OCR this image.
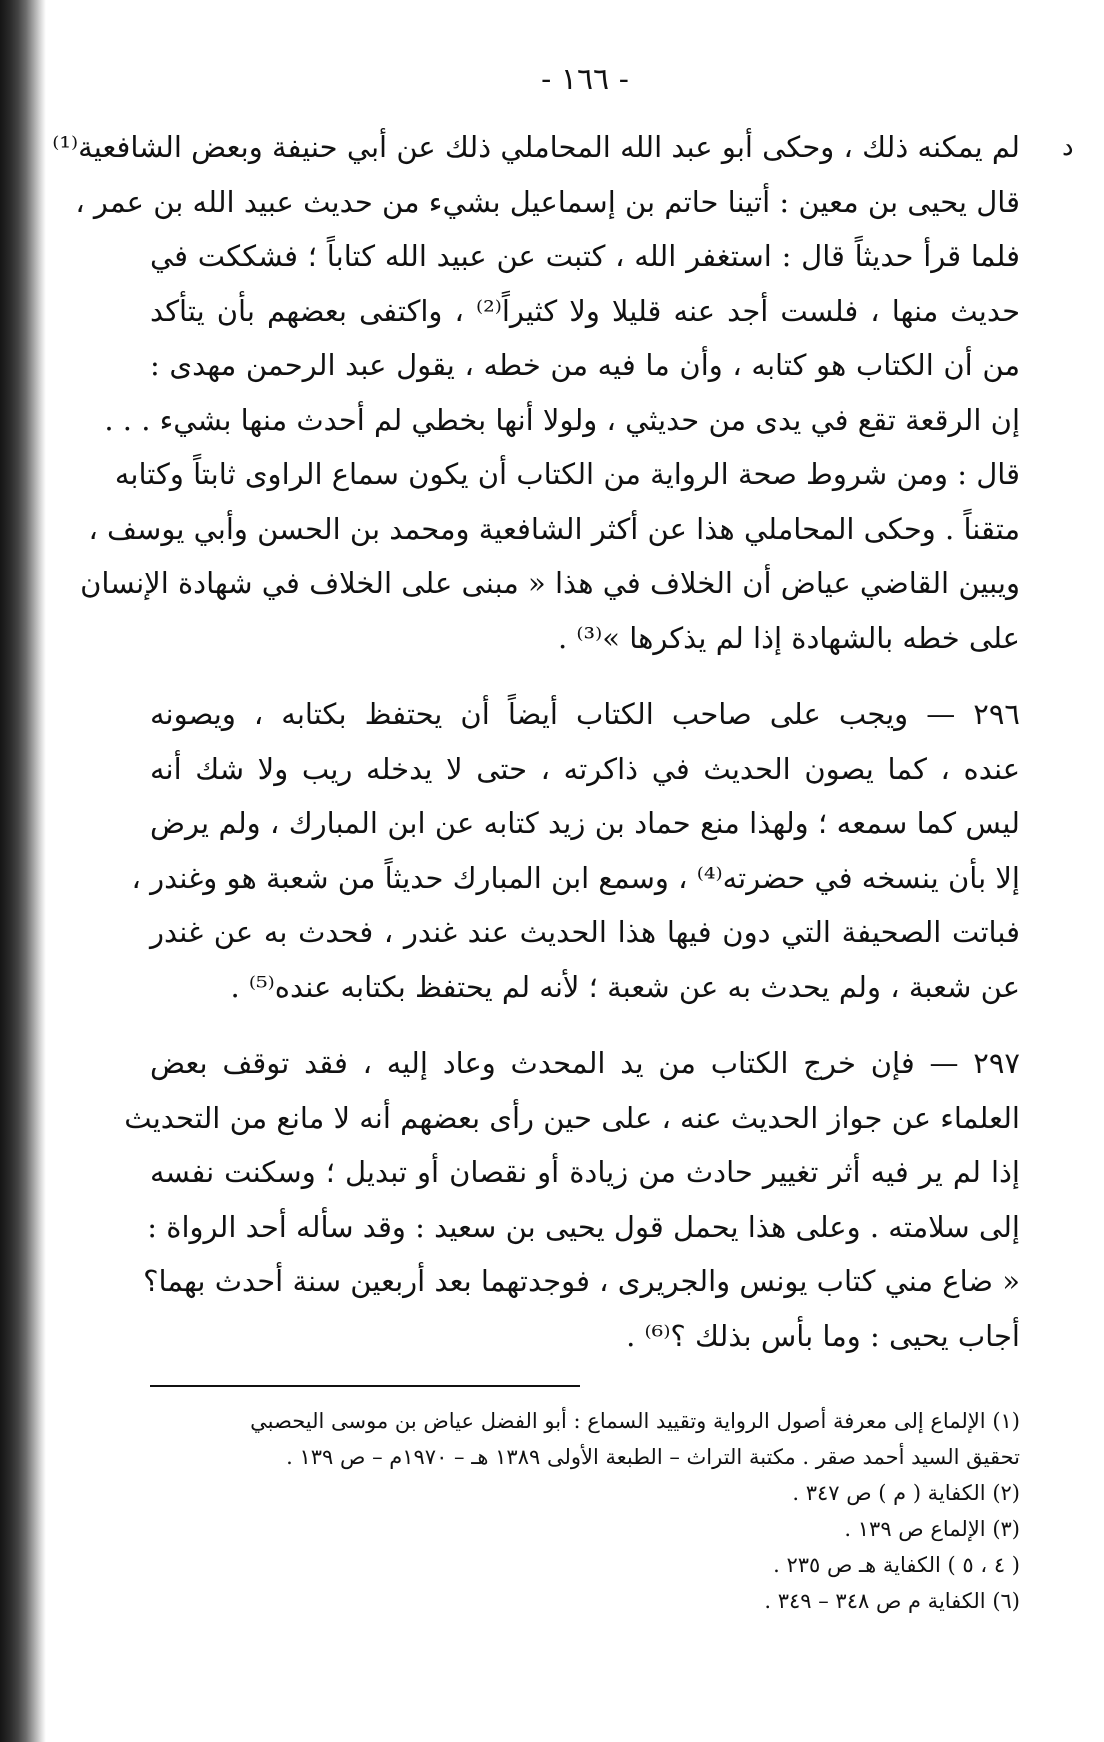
ﺩ
- ١٦٦ -
لم يمكنه ذلك ، وحكى أبو عبد الله المحاملي ذلك عن أبي حنيفة وبعض الشافعية⁽¹⁾
قال يحيى بن معين : أتينا حاتم بن إسماعيل بشيء من حديث عبيد الله بن عمر ،
فلما قرأ حديثاً قال : استغفر الله ، كتبت عن عبيد الله كتاباً ؛ فشككت في
حديث منها ، فلست أجد عنه قليلا ولا كثيراً⁽²⁾ ، واكتفى بعضهم بأن يتأكد
من أن الكتاب هو كتابه ، وأن ما فيه من خطه ، يقول عبد الرحمن مهدى :
إن الرقعة تقع في يدى من حديثي ، ولولا أنها بخطي لم أحدث منها بشيء . . .
قال : ومن شروط صحة الرواية من الكتاب أن يكون سماع الراوى ثابتاً وكتابه
متقناً . وحكى المحاملي هذا عن أكثر الشافعية ومحمد بن الحسن وأبي يوسف ،
ويبين القاضي عياض أن الخلاف في هذا « مبنى على الخلاف في شهادة الإنسان
على خطه بالشهادة إذا لم يذكرها »⁽³⁾ .
٢٩٦ — ويجب على صاحب الكتاب أيضاً أن يحتفظ بكتابه ، ويصونه
عنده ، كما يصون الحديث في ذاكرته ، حتى لا يدخله ريب ولا شك أنه
ليس كما سمعه ؛ ولهذا منع حماد بن زيد كتابه عن ابن المبارك ، ولم يرض
إلا بأن ينسخه في حضرته⁽⁴⁾ ، وسمع ابن المبارك حديثاً من شعبة هو وغندر ،
فباتت الصحيفة التي دون فيها هذا الحديث عند غندر ، فحدث به عن غندر
عن شعبة ، ولم يحدث به عن شعبة ؛ لأنه لم يحتفظ بكتابه عنده⁽⁵⁾ .
٢٩٧ — فإن خرج الكتاب من يد المحدث وعاد إليه ، فقد توقف بعض
العلماء عن جواز الحديث عنه ، على حين رأى بعضهم أنه لا مانع من التحديث
إذا لم ير فيه أثر تغيير حادث من زيادة أو نقصان أو تبديل ؛ وسكنت نفسه
إلى سلامته . وعلى هذا يحمل قول يحيى بن سعيد : وقد سأله أحد الرواة :
« ضاع مني كتاب يونس والجريرى ، فوجدتهما بعد أربعين سنة أحدث بهما؟
أجاب يحيى : وما بأس بذلك ؟⁽⁶⁾ .
(١) الإلماع إلى معرفة أصول الرواية وتقييد السماع : أبو الفضل عياض بن موسى اليحصبي
تحقيق السيد أحمد صقر . مكتبة التراث – الطبعة الأولى ١٣٨٩ هـ – ١٩٧٠م – ص ١٣٩ .
(٢) الكفاية ( م ) ص ٣٤٧ .
(٣) الإلماع ص ١٣٩ .
( ٤ ، ٥ ) الكفاية هـ ص ٢٣٥ .
(٦) الكفاية م ص ٣٤٨ – ٣٤٩ .
